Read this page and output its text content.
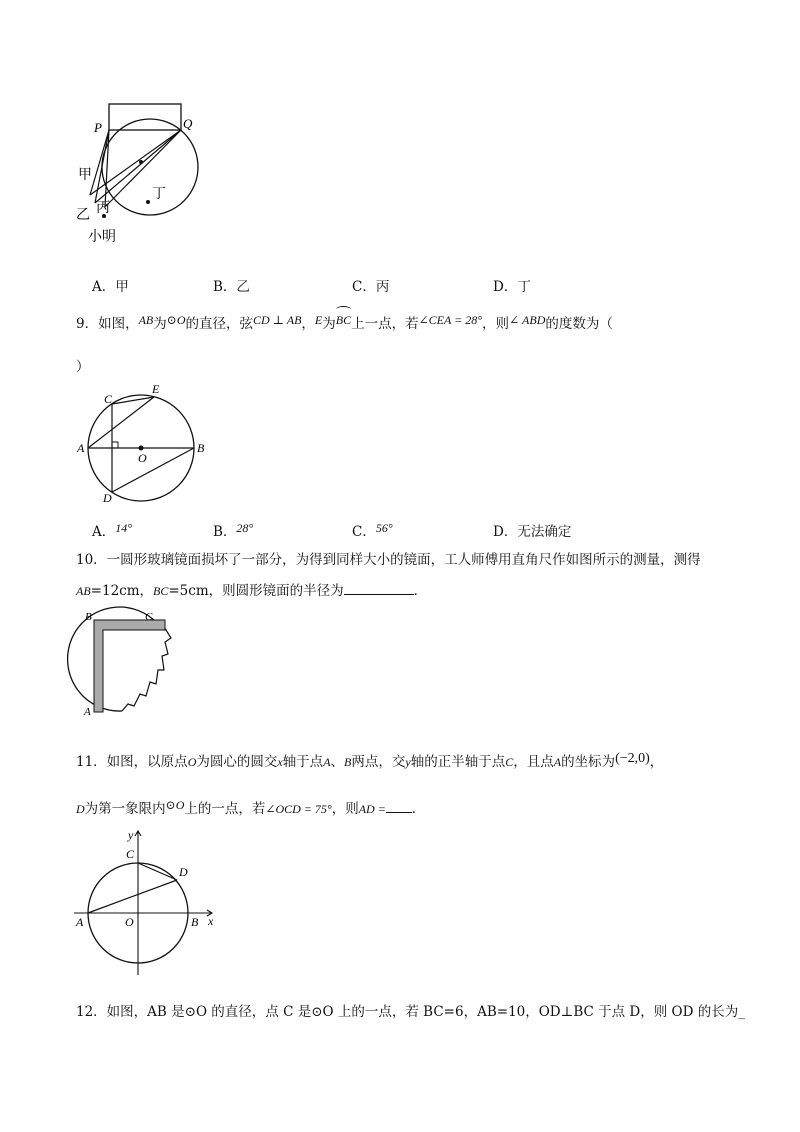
P	Q
甲
乙 丙
丁
小明
A．甲	B．乙	C．丙	D．丁
9．如图，AB为⊙O的直径，弦CD ⊥ AB，E为BC上一点，若∠CEA = 28°，则∠ ABD的度数为（
）
A	B
C
D
E
O
A．14°	B．28°	C．56°	D．无法确定
10．一圆形玻璃镜面损坏了一部分，为得到同样大小的镜面，工人师傅用直角尺作如图所示的测量，测得
AB=12cm，BC=5cm，则圆形镜面的半径为	．
B	C
A
11．如图，以原点O为圆心的圆交x轴于点A、B两点，交y轴的正半轴于点C，且点A的坐标为(−2,0)，
D为第一象限内⊙O上的一点，若∠OCD = 75°，则AD = ．
A	B
C
D
O	x
y
12．如图，AB 是⊙O 的直径，点 C 是⊙O 上的一点，若 BC=6，AB=10，OD⊥BC 于点 D，则 OD 的长为_
